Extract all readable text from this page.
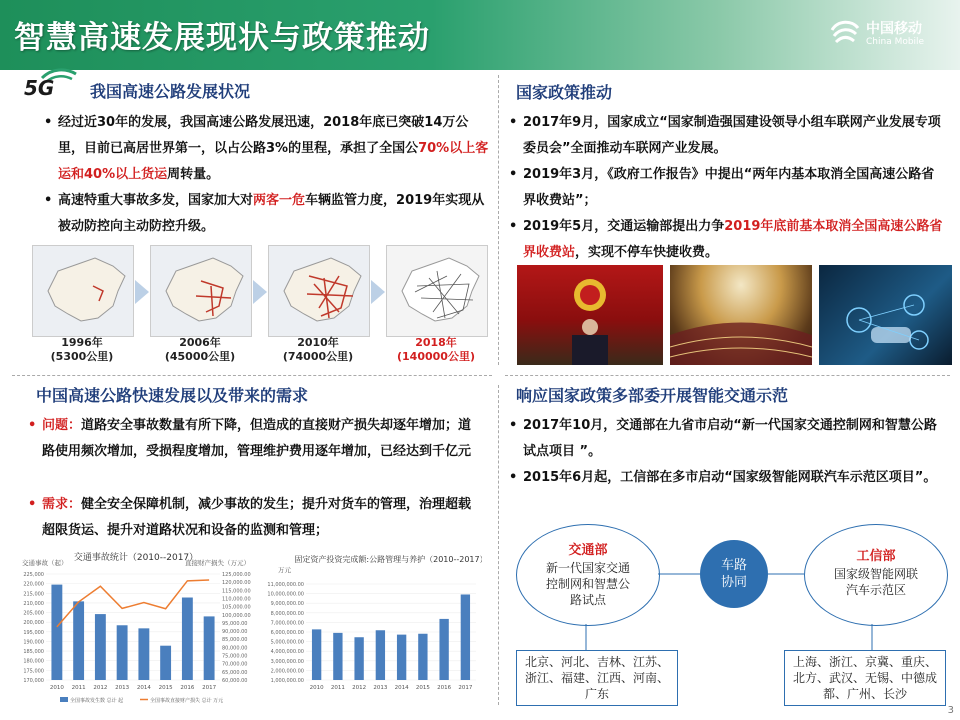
智慧高速发展现状与政策推动	中国移动
China Mobile
5G 我国高速公路发展状况
• 经过近30年的发展，我国高速公路发展迅速，2018年底已突破14万公里，目前已高居世界第一，以占公路3%的里程，承担了全国公70%以上客运和40%以上货运周转量。
• 高速特重大事故多发，国家加大对两客一危车辆监管力度，2019年实现从被动防控向主动防控升级。
1996年
(5300公里)
2006年
(45000公里)
2010年
(74000公里)
2018年
(140000公里)
国家政策推动
• 2017年9月，国家成立“国家制造强国建设领导小组车联网产业发展专项委员会”全面推动车联网产业发展。
• 2019年3月，《政府工作报告》中提出“两年内基本取消全国高速公路省界收费站”；
• 2019年5月，交通运输部提出力争2019年底前基本取消全国高速公路省界收费站，实现不停车快捷收费。
中国高速公路快速发展以及带来的需求
• 问题：道路安全事故数量有所下降，但造成的直接财产损失却逐年增加；道路使用频次增加，受损程度增加，管理维护费用逐年增加，已经达到千亿元
• 需求：健全安全保障机制，减少事故的发生；提升对货车的管理，治理超载超限货运、提升对道路状况和设备的监测和管理；
交通事故统计（2010--2017）
交通事故（起）	直接财产损失（万元）
225,000
220,000
215,000
210,000
205,000
200,000
195,000
190,000
185,000
180,000
175,000
170,000
125,000.00
120,000.00
115,000.00
110,000.00
105,000.00
100,000.00
95,000.00
90,000.00
85,000.00
80,000.00
75,000.00
70,000.00
65,000.00
60,000.00
2010 2011 2012 2013 2014 2015 2016 2017
全国事故发生数 总计 起	全国事故直接财产损失 总计 万元
固定资产投资完成额:公路管理与养护（2010--2017）
万元
11,000,000.00
10,000,000.00
9,000,000.00
8,000,000.00
7,000,000.00
6,000,000.00
5,000,000.00
4,000,000.00
3,000,000.00
2,000,000.00
1,000,000.00
2010 2011 2012 2013 2014 2015 2016 2017
响应国家政策多部委开展智能交通示范
• 2017年10月，交通部在九省市启动“新一代国家交通控制网和智慧公路试点项目 ”。
• 2015年6月起，工信部在多市启动“国家级智能网联汽车示范区项目”。
交通部
新一代国家交通控制网和智慧公路试点
工信部
国家级智能网联汽车示范区
车路协同
北京、河北、吉林、江苏、浙江、福建、江西、河南、广东
上海、浙江、京冀、重庆、北方、武汉、无锡、中德成都、广州、长沙
3
